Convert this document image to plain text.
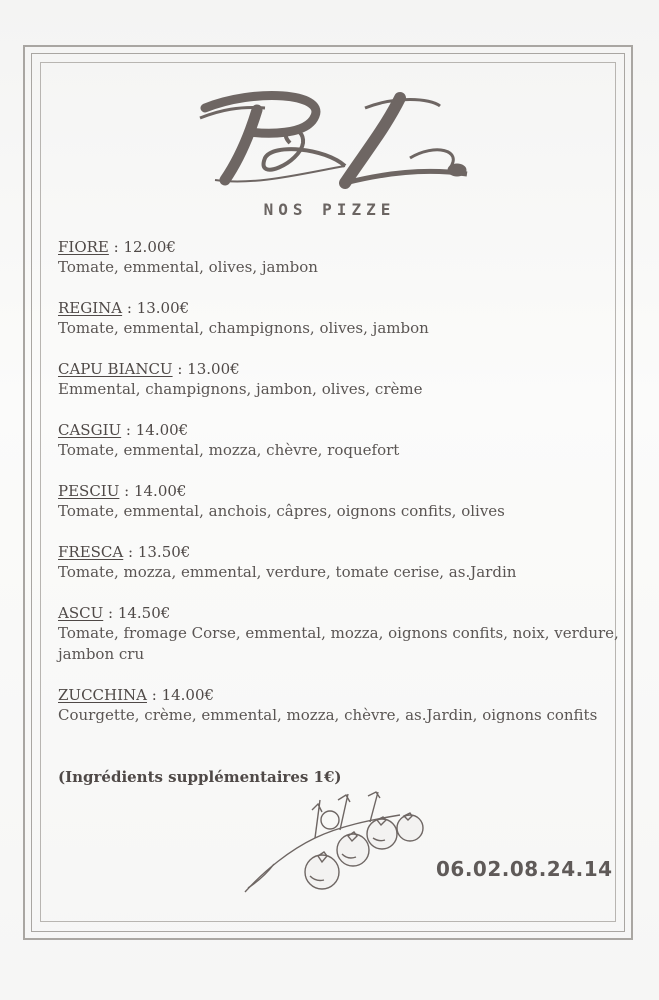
NOS PIZZE
FIORE : 12.00€
Tomate, emmental, olives, jambon
REGINA : 13.00€
Tomate, emmental, champignons, olives, jambon
CAPU BIANCU : 13.00€
Emmental, champignons, jambon, olives, crème
CASGIU : 14.00€
Tomate, emmental, mozza, chèvre, roquefort
PESCIU : 14.00€
Tomate, emmental, anchois, câpres, oignons confits, olives
FRESCA : 13.50€
Tomate, mozza, emmental, verdure, tomate cerise, as.Jardin
ASCU : 14.50€
Tomate, fromage Corse, emmental, mozza, oignons confits, noix, verdure, jambon cru
ZUCCHINA : 14.00€
Courgette, crème, emmental, mozza, chèvre, as.Jardin, oignons confits
(Ingrédients supplémentaires 1€)
06.02.08.24.14
